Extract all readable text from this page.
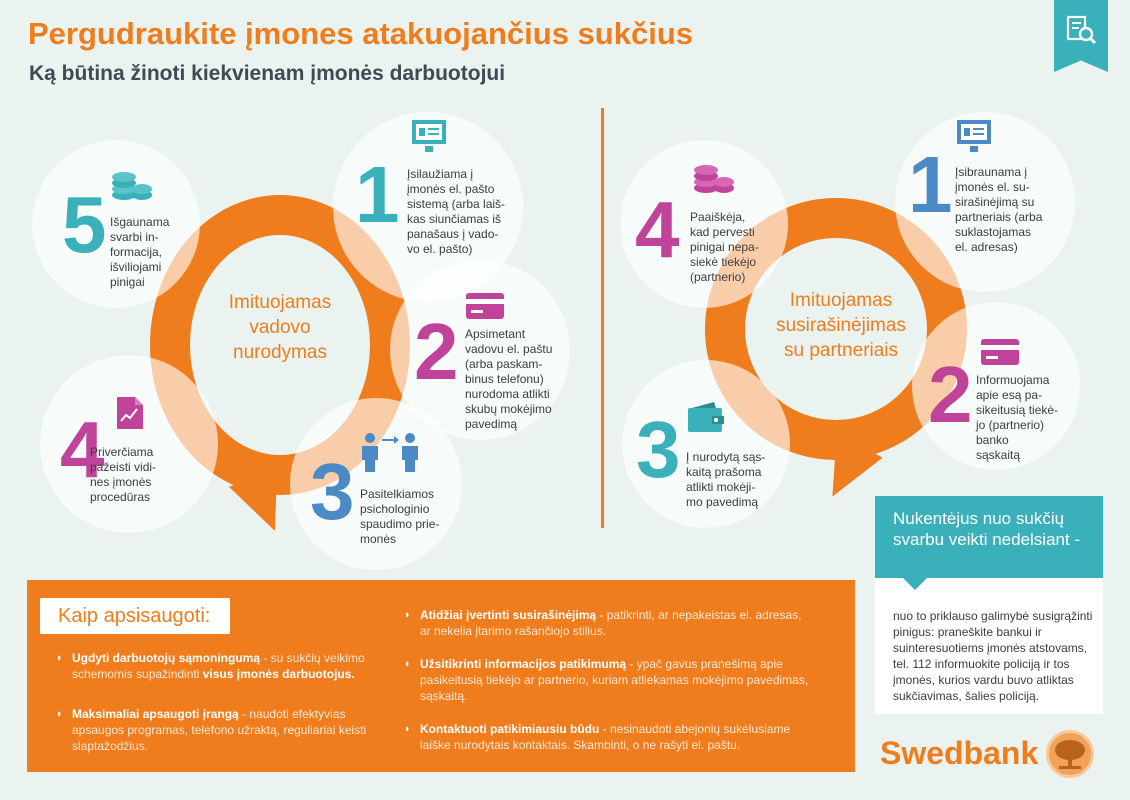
Pergudraukite įmones atakuojančius sukčius
Ką būtina žinoti kiekvienam įmonės darbuotojui
Imituojamas
vadovo
nurodymas
5 Išgaunama
svarbi in-
formacija,
išviliojami
pinigai
1 Įsilaužiama į
įmonės el. pašto
sistemą (arba laiš-
kas siunčiamas iš
panašaus į vado-
vo el. pašto)
2 Apsimetant
vadovu el. paštu
(arba paskam-
binus telefonu)
nurodoma atlikti
skubų mokėjimo
pavedimą
3 Pasitelkiamos
psichologinio
spaudimo prie-
monės
4
Priverčiama
pažeisti vidi-
nes įmonės
procedūras
Imituojamas
susirašinėjimas
su partneriais
4 Paaiškėja,
kad pervesti
pinigai nepa-
siekė tiekėjo
(partnerio)
1 Įsibraunama į
įmonės el. su-
sirašinėjimą su
partneriais (arba
suklastojamas
el. adresas)
2 Informuojama
apie esą pa-
sikeitusią tiekė-
jo (partnerio)
banko
sąskaitą
3 Į nurodytą sąs-
kaitą prašoma
atlikti mokėji-
mo pavedimą
Nukentėjus nuo sukčių svarbu veikti nedelsiant -
nuo to priklauso galimybė susigrąžinti pinigus: praneškite bankui ir suinteresuotiems įmonės atstovams, tel. 112 informuokite policiją ir tos įmonės, kurios vardu buvo atliktas sukčiavimas, šalies policiją.
Kaip apsisaugoti:
◗ Ugdyti darbuotojų sąmoningumą - su sukčių veikimo schemomis supažindinti visus įmonės darbuotojus.
◗ Maksimaliai apsaugoti įrangą - naudoti efektyvias apsaugos programas, telefono užraktą, reguliariai keisti slaptažodžius.
◗ Atidžiai įvertinti susirašinėjimą - patikrinti, ar nepakeistas el. adresas, ar nekelia įtarimo rašančiojo stilius.
◗ Užsitikrinti informacijos patikimumą - ypač gavus pranešimą apie pasikeitusią tiekėjo ar partnerio, kuriam atliekamas mokėjimo pavedimas, sąskaitą.
◗ Kontaktuoti patikimiausiu būdu - nesinaudoti abejonių sukėlusiame laiške nurodytais kontaktais. Skambinti, o ne rašyti el. paštu.	Swedbank
